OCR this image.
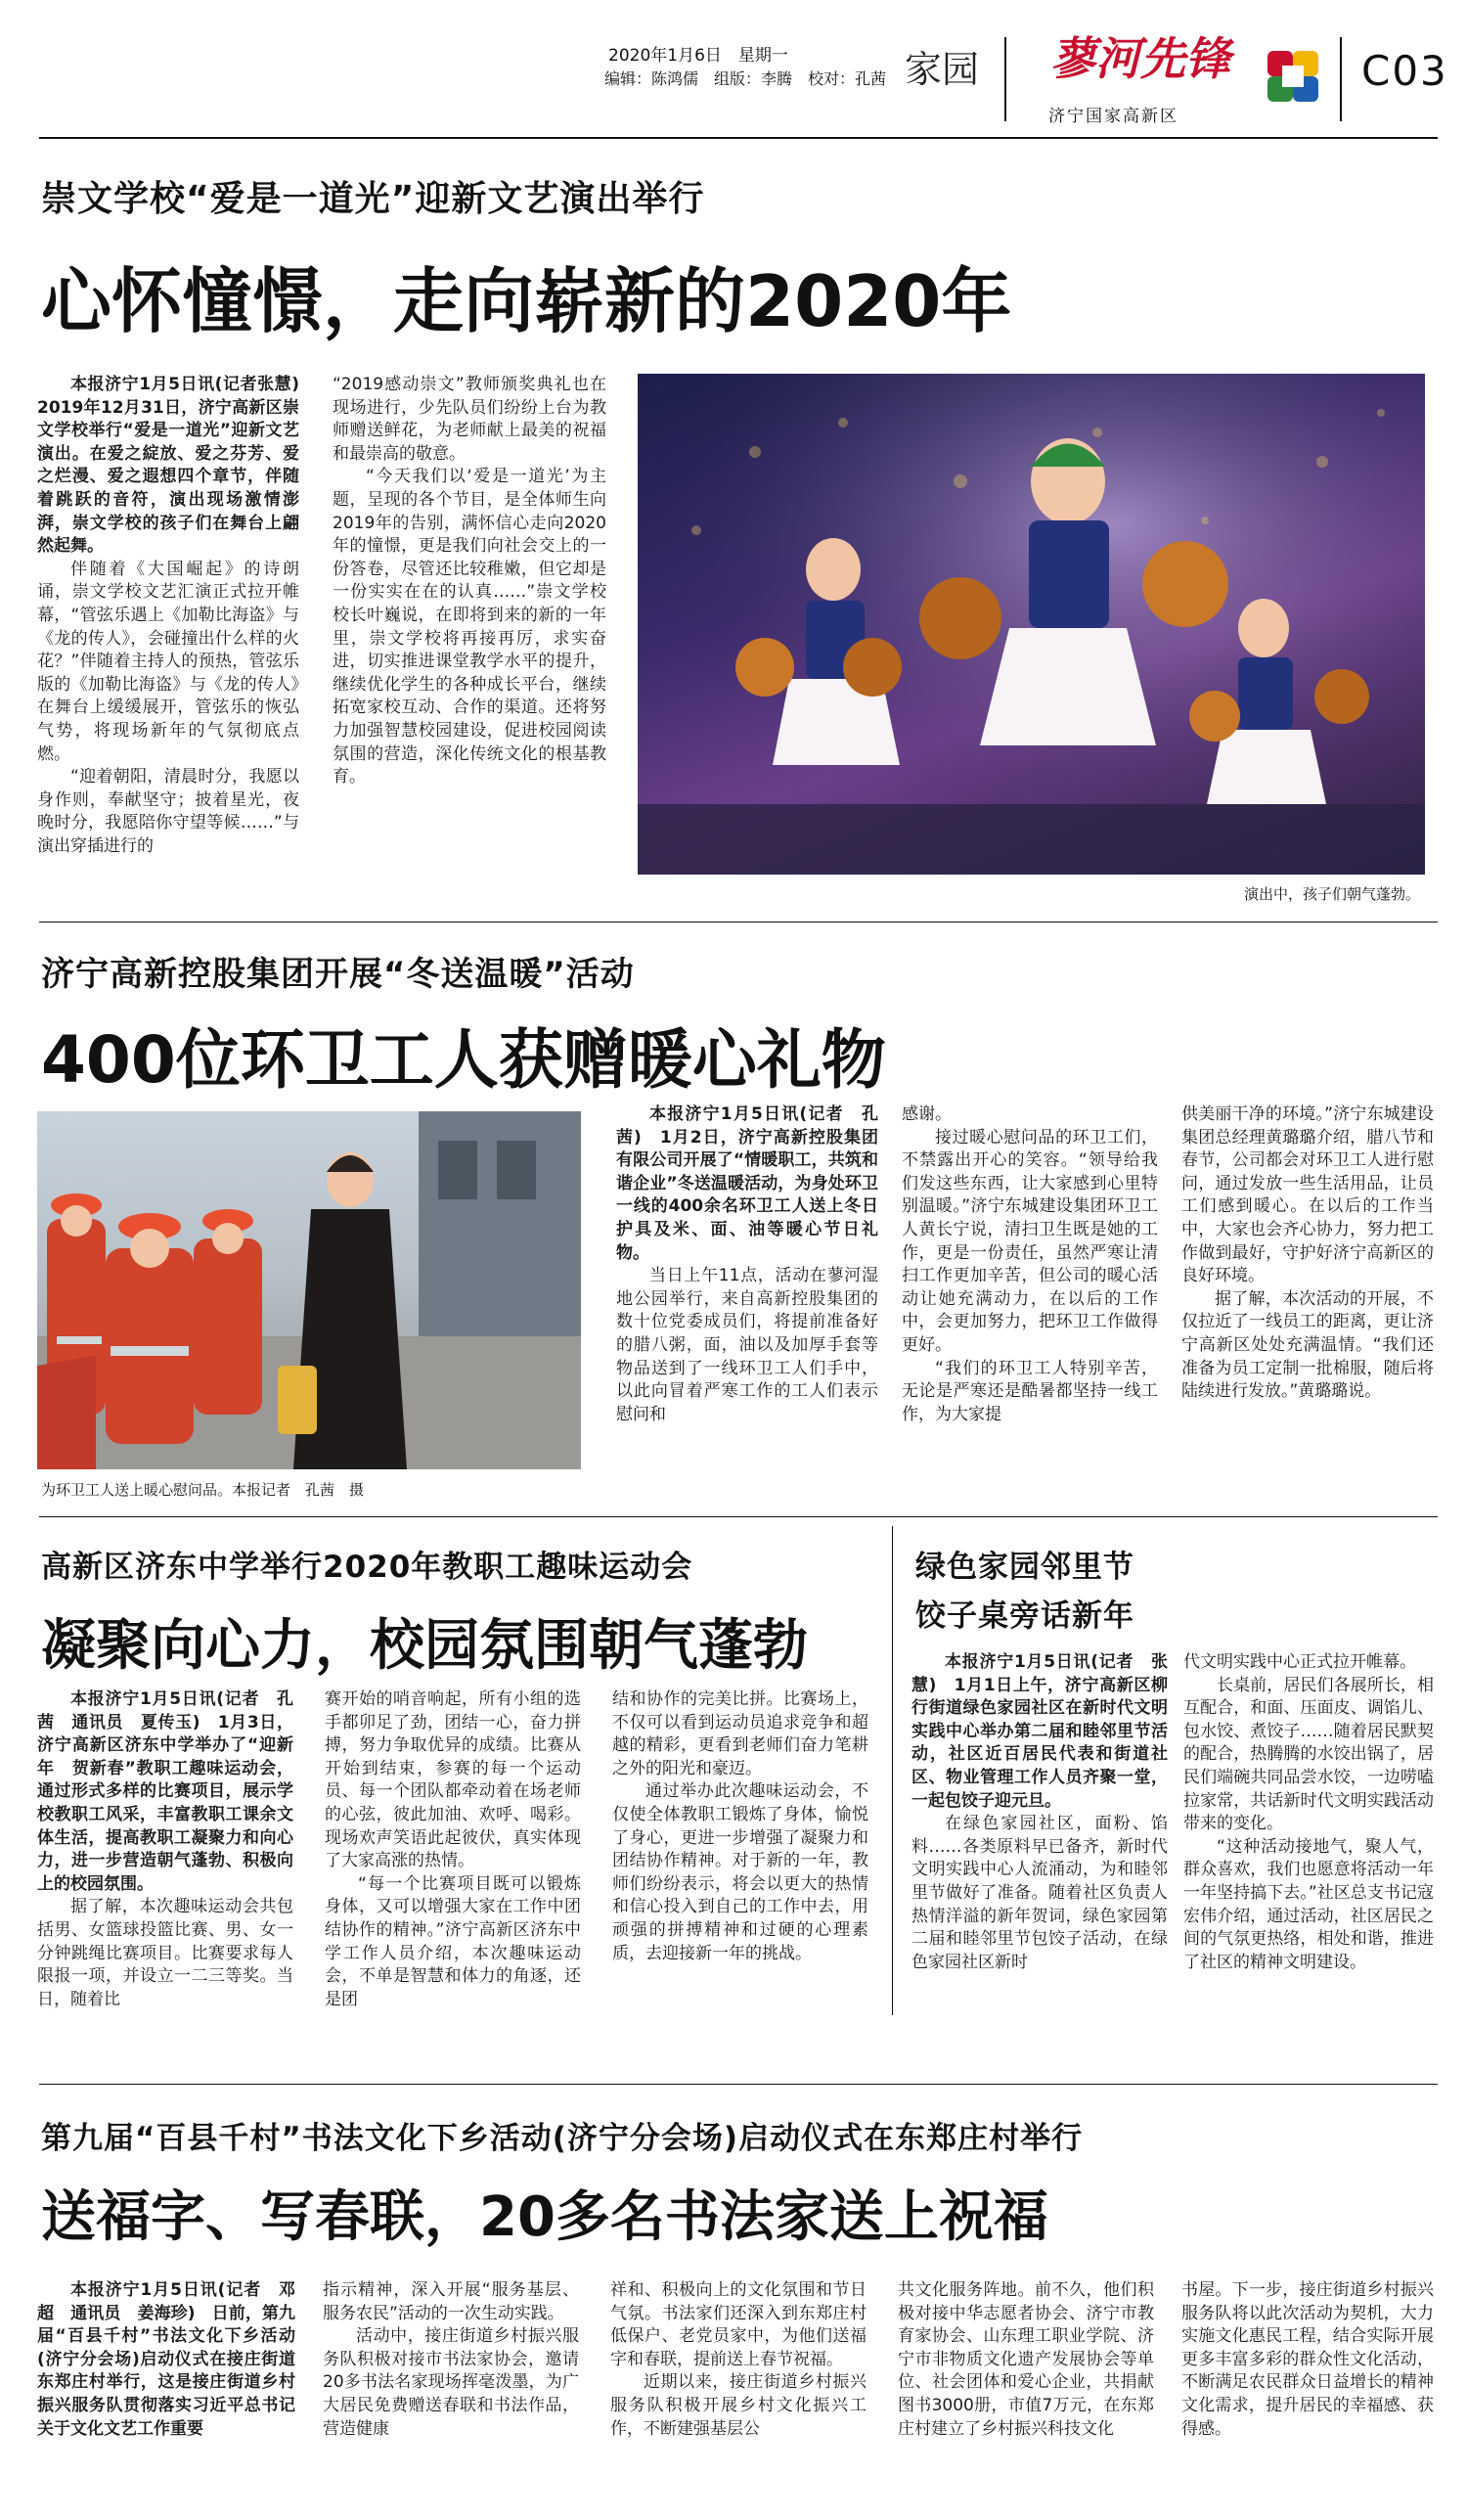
2020年1月6日　星期一
编辑：陈鸿儒　组版：李腾　校对：孔茜 家园 蓼河先锋
济宁国家高新区
C03
崇文学校“爱是一道光”迎新文艺演出举行
心怀憧憬，走向崭新的2020年

本报济宁1月5日讯(记者张慧)　2019年12月31日，济宁高新区崇文学校举行“爱是一道光”迎新文艺演出。在爱之綻放、爱之芬芳、爱之烂漫、爱之遐想四个章节，伴随着跳跃的音符，演出现场激情澎湃，崇文学校的孩子们在舞台上翩然起舞。

伴随着《大国崛起》的诗朗诵，崇文学校文艺汇演正式拉开帷幕，“管弦乐遇上《加勒比海盗》与《龙的传人》，会碰撞出什么样的火花？”伴随着主持人的预热，管弦乐版的《加勒比海盗》与《龙的传人》在舞台上缓缓展开，管弦乐的恢弘气势，将现场新年的气氛彻底点燃。

“迎着朝阳，清晨时分，我愿以身作则，奉献坚守；披着星光，夜晚时分，我愿陪你守望等候……”与演出穿插进行的

“2019感动崇文”教师颁奖典礼也在现场进行，少先队员们纷纷上台为教师赠送鲜花，为老师献上最美的祝福和最崇高的敬意。

“今天我们以‘爱是一道光’为主题，呈现的各个节目，是全体师生向2019年的告别，满怀信心走向2020年的憧憬，更是我们向社会交上的一份答卷，尽管还比较稚嫩，但它却是一份实实在在的认真……”崇文学校校长叶巍说，在即将到来的新的一年里，崇文学校将再接再厉，求实奋进，切实推进课堂教学水平的提升，继续优化学生的各种成长平台，继续拓宽家校互动、合作的渠道。还将努力加强智慧校园建设，促进校园阅读氛围的营造，深化传统文化的根基教育。

演出中，孩子们朝气蓬勃。
济宁高新控股集团开展“冬送温暖”活动
400位环卫工人获赠暖心礼物
为环卫工人送上暖心慰问品。本报记者　孔茜　摄

本报济宁1月5日讯(记者　孔茜)　1月2日，济宁高新控股集团有限公司开展了“情暖职工，共筑和谐企业”冬送温暖活动，为身处环卫一线的400余名环卫工人送上冬日护具及米、面、油等暖心节日礼物。

当日上午11点，活动在蓼河湿地公园举行，来自高新控股集团的数十位党委成员们，将提前准备好的腊八粥，面，油以及加厚手套等物品送到了一线环卫工人们手中，以此向冒着严寒工作的工人们表示慰问和

感谢。

接过暖心慰问品的环卫工们，不禁露出开心的笑容。“领导给我们发这些东西，让大家感到心里特别温暖。”济宁东城建设集团环卫工人黄长宁说，清扫卫生既是她的工作，更是一份责任，虽然严寒让清扫工作更加辛苦，但公司的暖心活动让她充满动力，在以后的工作中，会更加努力，把环卫工作做得更好。

“我们的环卫工人特别辛苦，无论是严寒还是酷暑都坚持一线工作，为大家提

供美丽干净的环境。”济宁东城建设集团总经理黄璐璐介绍，腊八节和春节，公司都会对环卫工人进行慰问，通过发放一些生活用品，让员工们感到暖心。在以后的工作当中，大家也会齐心协力，努力把工作做到最好，守护好济宁高新区的良好环境。

据了解，本次活动的开展，不仅拉近了一线员工的距离，更让济宁高新区处处充满温情。“我们还准备为员工定制一批棉服，随后将陆续进行发放。”黄璐璐说。

高新区济东中学举行2020年教职工趣味运动会
凝聚向心力，校园氛围朝气蓬勃

本报济宁1月5日讯(记者　孔茜　通讯员　夏传玉)　1月3日，济宁高新区济东中学举办了“迎新年　贺新春”教职工趣味运动会，通过形式多样的比赛项目，展示学校教职工风采，丰富教职工课余文体生活，提高教职工凝聚力和向心力，进一步营造朝气蓬勃、积极向上的校园氛围。

据了解，本次趣味运动会共包括男、女篮球投篮比赛、男、女一分钟跳绳比赛项目。比赛要求每人限报一项，并设立一二三等奖。当日，随着比

赛开始的哨音响起，所有小组的选手都卯足了劲，团结一心，奋力拼搏，努力争取优异的成绩。比赛从开始到结束，参赛的每一个运动员、每一个团队都牵动着在场老师的心弦，彼此加油、欢呼、喝彩。现场欢声笑语此起彼伏，真实体现了大家高涨的热情。

“每一个比赛项目既可以锻炼身体，又可以增强大家在工作中团结协作的精神。”济宁高新区济东中学工作人员介绍，本次趣味运动会，不单是智慧和体力的角逐，还是团

结和协作的完美比拼。比赛场上，不仅可以看到运动员追求竞争和超越的精彩，更看到老师们奋力笔耕之外的阳光和豪迈。

通过举办此次趣味运动会，不仅使全体教职工锻炼了身体，愉悦了身心，更进一步增强了凝聚力和团结协作精神。对于新的一年，教师们纷纷表示，将会以更大的热情和信心投入到自己的工作中去，用顽强的拼搏精神和过硬的心理素质，去迎接新一年的挑战。

绿色家园邻里节
饺子桌旁话新年

本报济宁1月5日讯(记者　张慧)　1月1日上午，济宁高新区柳行街道绿色家园社区在新时代文明实践中心举办第二届和睦邻里节活动，社区近百居民代表和街道社区、物业管理工作人员齐聚一堂，一起包饺子迎元旦。

在绿色家园社区，面粉、馅料……各类原料早已备齐，新时代文明实践中心人流涌动，为和睦邻里节做好了准备。随着社区负责人热情洋溢的新年贺词，绿色家园第二届和睦邻里节包饺子活动，在绿色家园社区新时

代文明实践中心正式拉开帷幕。

长桌前，居民们各展所长，相互配合，和面、压面皮、调馅儿、包水饺、煮饺子……随着居民默契的配合，热腾腾的水饺出锅了，居民们端碗共同品尝水饺，一边唠嗑拉家常，共话新时代文明实践活动带来的变化。

“这种活动接地气，聚人气，群众喜欢，我们也愿意将活动一年一年坚持搞下去。”社区总支书记寇宏伟介绍，通过活动，社区居民之间的气氛更热络，相处和谐，推进了社区的精神文明建设。

第九届“百县千村”书法文化下乡活动(济宁分会场)启动仪式在东郑庄村举行
送福字、写春联，20多名书法家送上祝福

本报济宁1月5日讯(记者　邓超　通讯员　姜海珍)　日前，第九届“百县千村”书法文化下乡活动(济宁分会场)启动仪式在接庄街道东郑庄村举行，这是接庄街道乡村振兴服务队贯彻落实习近平总书记关于文化文艺工作重要

指示精神，深入开展“服务基层、服务农民”活动的一次生动实践。

活动中，接庄街道乡村振兴服务队积极对接市书法家协会，邀请20多书法名家现场挥毫泼墨，为广大居民免费赠送春联和书法作品，营造健康

祥和、积极向上的文化氛围和节日气氛。书法家们还深入到东郑庄村低保户、老党员家中，为他们送福字和春联，提前送上春节祝福。

近期以来，接庄街道乡村振兴服务队积极开展乡村文化振兴工作，不断建强基层公

共文化服务阵地。前不久，他们积极对接中华志愿者协会、济宁市教育家协会、山东理工职业学院、济宁市非物质文化遗产发展协会等单位、社会团体和爱心企业，共捐献图书3000册，市值7万元，在东郑庄村建立了乡村振兴科技文化

书屋。下一步，接庄街道乡村振兴服务队将以此次活动为契机，大力实施文化惠民工程，结合实际开展更多丰富多彩的群众性文化活动，不断满足农民群众日益增长的精神文化需求，提升居民的幸福感、获得感。
